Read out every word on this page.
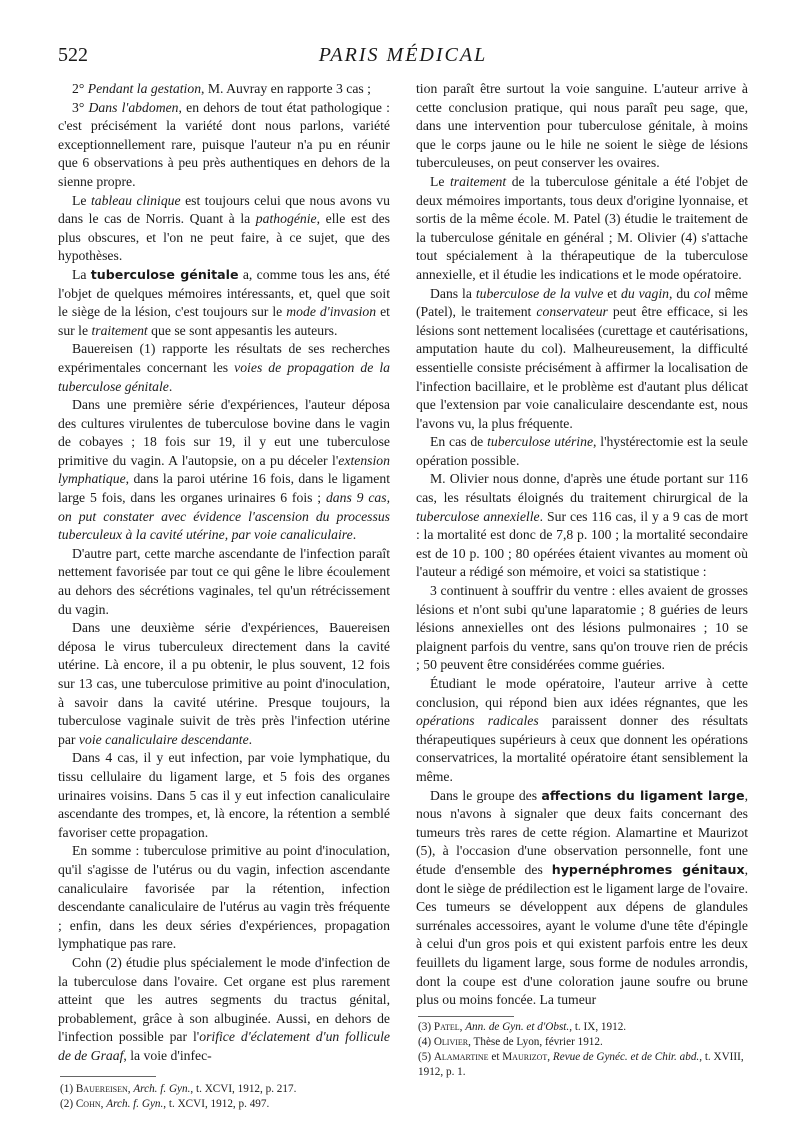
522	PARIS MÉDICAL

2° Pendant la gestation, M. Auvray en rapporte 3 cas ;

3° Dans l'abdomen, en dehors de tout état pathologique : c'est précisément la variété dont nous parlons, variété exceptionnellement rare, puisque l'auteur n'a pu en réunir que 6 observations à peu près authentiques en dehors de la sienne propre.

Le tableau clinique est toujours celui que nous avons vu dans le cas de Norris. Quant à la pathogénie, elle est des plus obscures, et l'on ne peut faire, à ce sujet, que des hypothèses.

La tuberculose génitale a, comme tous les ans, été l'objet de quelques mémoires intéressants, et, quel que soit le siège de la lésion, c'est toujours sur le mode d'invasion et sur le traitement que se sont appesantis les auteurs.

Bauereisen (1) rapporte les résultats de ses recherches expérimentales concernant les voies de propagation de la tuberculose génitale.

Dans une première série d'expériences, l'auteur déposa des cultures virulentes de tuberculose bovine dans le vagin de cobayes ; 18 fois sur 19, il y eut une tuberculose primitive du vagin. A l'autopsie, on a pu déceler l'extension lymphatique, dans la paroi utérine 16 fois, dans le ligament large 5 fois, dans les organes urinaires 6 fois ; dans 9 cas, on put constater avec évidence l'ascension du processus tuberculeux à la cavité utérine, par voie canaliculaire.

D'autre part, cette marche ascendante de l'infection paraît nettement favorisée par tout ce qui gêne le libre écoulement au dehors des sécrétions vaginales, tel qu'un rétrécissement du vagin.

Dans une deuxième série d'expériences, Bauereisen déposa le virus tuberculeux directement dans la cavité utérine. Là encore, il a pu obtenir, le plus souvent, 12 fois sur 13 cas, une tuberculose primitive au point d'inoculation, à savoir dans la cavité utérine. Presque toujours, la tuberculose vaginale suivit de très près l'infection utérine par voie canaliculaire descendante.

Dans 4 cas, il y eut infection, par voie lymphatique, du tissu cellulaire du ligament large, et 5 fois des organes urinaires voisins. Dans 5 cas il y eut infection canaliculaire ascendante des trompes, et, là encore, la rétention a semblé favoriser cette propagation.

En somme : tuberculose primitive au point d'inoculation, qu'il s'agisse de l'utérus ou du vagin, infection ascendante canaliculaire favorisée par la rétention, infection descendante canaliculaire de l'utérus au vagin très fréquente ; enfin, dans les deux séries d'expériences, propagation lymphatique pas rare.

Cohn (2) étudie plus spécialement le mode d'infection de la tuberculose dans l'ovaire. Cet organe est plus rarement atteint que les autres segments du tractus génital, probablement, grâce à son albuginée. Aussi, en dehors de l'infection possible par l'orifice d'éclatement d'un follicule de de Graaf, la voie d'infec-

tion paraît être surtout la voie sanguine. L'auteur arrive à cette conclusion pratique, qui nous paraît peu sage, que, dans une intervention pour tuberculose génitale, à moins que le corps jaune ou le hile ne soient le siège de lésions tuberculeuses, on peut conserver les ovaires.

Le traitement de la tuberculose génitale a été l'objet de deux mémoires importants, tous deux d'origine lyonnaise, et sortis de la même école. M. Patel (3) étudie le traitement de la tuberculose génitale en général ; M. Olivier (4) s'attache tout spécialement à la thérapeutique de la tuberculose annexielle, et il étudie les indications et le mode opératoire.

Dans la tuberculose de la vulve et du vagin, du col même (Patel), le traitement conservateur peut être efficace, si les lésions sont nettement localisées (curettage et cautérisations, amputation haute du col). Malheureusement, la difficulté essentielle consiste précisément à affirmer la localisation de l'infection bacillaire, et le problème est d'autant plus délicat que l'extension par voie canaliculaire descendante est, nous l'avons vu, la plus fréquente.

En cas de tuberculose utérine, l'hystérectomie est la seule opération possible.

M. Olivier nous donne, d'après une étude portant sur 116 cas, les résultats éloignés du traitement chirurgical de la tuberculose annexielle. Sur ces 116 cas, il y a 9 cas de mort : la mortalité est donc de 7,8 p. 100 ; la mortalité secondaire est de 10 p. 100 ; 80 opérées étaient vivantes au moment où l'auteur a rédigé son mémoire, et voici sa statistique :

3 continuent à souffrir du ventre : elles avaient de grosses lésions et n'ont subi qu'une laparatomie ; 8 guéries de leurs lésions annexielles ont des lésions pulmonaires ; 10 se plaignent parfois du ventre, sans qu'on trouve rien de précis ; 50 peuvent être considérées comme guéries.

Étudiant le mode opératoire, l'auteur arrive à cette conclusion, qui répond bien aux idées régnantes, que les opérations radicales paraissent donner des résultats thérapeutiques supérieurs à ceux que donnent les opérations conservatrices, la mortalité opératoire étant sensiblement la même.

Dans le groupe des affections du ligament large, nous n'avons à signaler que deux faits concernant des tumeurs très rares de cette région. Alamartine et Maurizot (5), à l'occasion d'une observation personnelle, font une étude d'ensemble des hypernéphromes génitaux, dont le siège de prédilection est le ligament large de l'ovaire. Ces tumeurs se développent aux dépens de glandules surrénales accessoires, ayant le volume d'une tête d'épingle à celui d'un gros pois et qui existent parfois entre les deux feuillets du ligament large, sous forme de nodules arrondis, dont la coupe est d'une coloration jaune soufre ou brune plus ou moins foncée. La tumeur

(1) Bauereisen, Arch. f. Gyn., t. XCVI, 1912, p. 217.
(2) Cohn, Arch. f. Gyn., t. XCVI, 1912, p. 497.
(3) Patel, Ann. de Gyn. et d'Obst., t. IX, 1912.
(4) Olivier, Thèse de Lyon, février 1912.
(5) Alamartine et Maurizot, Revue de Gynéc. et de Chir. abd., t. XVIII, 1912, p. 1.
